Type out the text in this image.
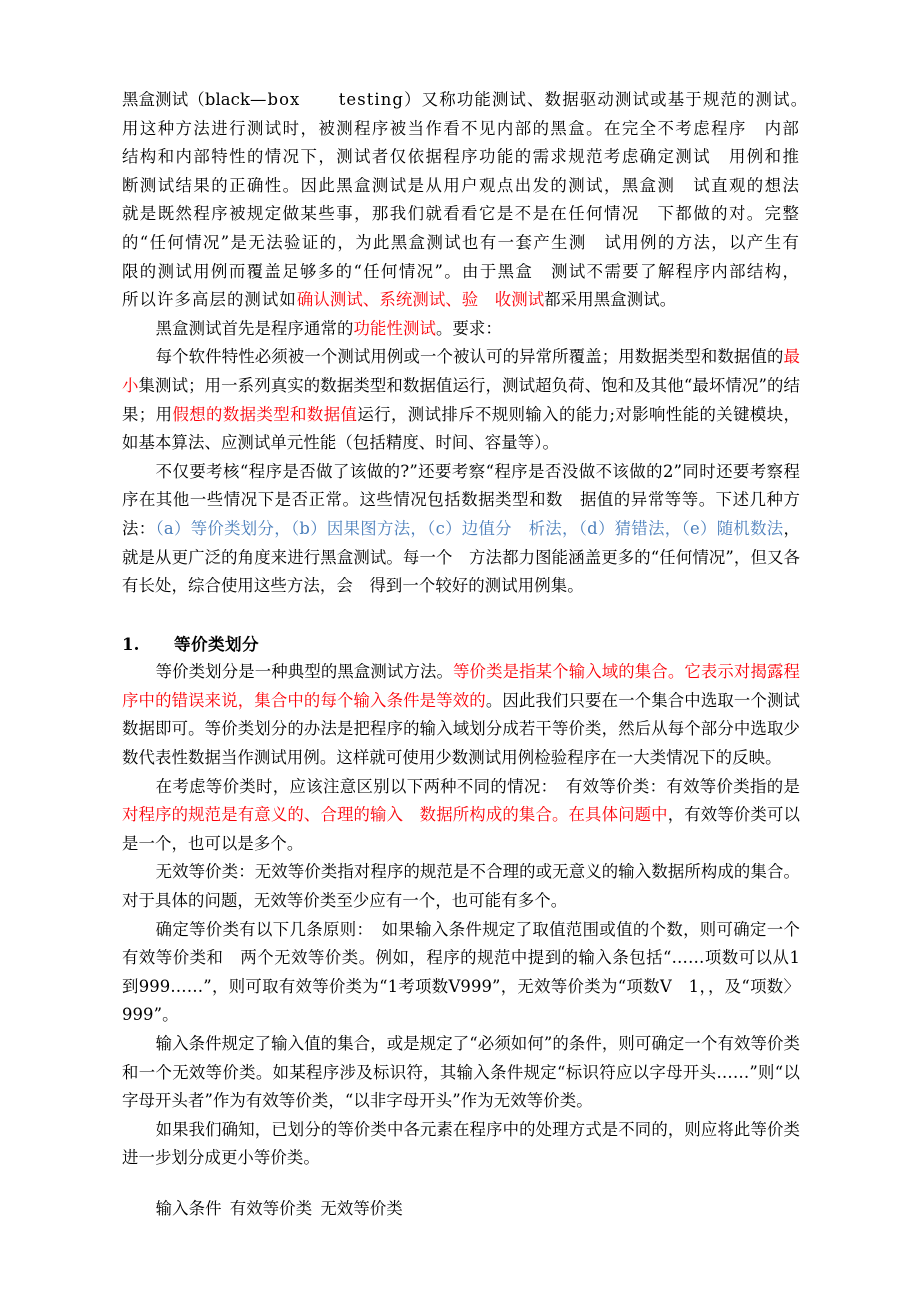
黑盒测试（black—box testing）又称功能测试、数据驱动测试或基于规范的测试。　用这种方法进行测试时，被测程序被当作看不见内部的黑盒。在完全不考虑程序　内部结构和内部特性的情况下，测试者仅依据程序功能的需求规范考虑确定测试　用例和推断测试结果的正确性。因此黑盒测试是从用户观点出发的测试，黑盒测　试直观的想法就是既然程序被规定做某些事，那我们就看看它是不是在任何情况　下都做的对。完整的“任何情况”是无法验证的，为此黑盒测试也有一套产生测　试用例的方法，以产生有限的测试用例而覆盖足够多的“任何情况”。由于黑盒　测试不需要了解程序内部结构，所以许多高层的测试如确认测试、系统测试、验　收测试都采用黑盒测试。

黑盒测试首先是程序通常的功能性测试。要求：

每个软件特性必须被一个测试用例或一个被认可的异常所覆盖；用数据类型和数据值的最小集测试；用一系列真实的数据类型和数据值运行，测试超负荷、饱和及其他“最坏情况”的结果；用假想的数据类型和数据值运行，测试排斥不规则输入的能力;对影响性能的关键模块，如基本算法、应测试单元性能（包括精度、时间、容量等）。

不仅要考核“程序是否做了该做的?”还要考察“程序是否没做不该做的2”同时还要考察程序在其他一些情况下是否正常。这些情况包括数据类型和数　据值的异常等等。下述几种方法：（a）等价类划分，（b）因果图方法，（c）边值分　析法，（d）猜错法，（e）随机数法，就是从更广泛的角度来进行黑盒测试。每一个　方法都力图能涵盖更多的“任何情况”，但又各有长处，综合使用这些方法，会　得到一个较好的测试用例集。

1. 等价类划分

等价类划分是一种典型的黑盒测试方法。等价类是指某个输入域的集合。它表示对揭露程序中的错误来说，集合中的每个输入条件是等效的。因此我们只要在一个集合中选取一个测试数据即可。等价类划分的办法是把程序的输入域划分成若干等价类，然后从每个部分中选取少数代表性数据当作测试用例。这样就可使用少数测试用例检验程序在一大类情况下的反映。

在考虑等价类时，应该注意区别以下两种不同的情况：　有效等价类：有效等价类指的是对程序的规范是有意义的、合理的输入　数据所构成的集合。在具体问题中，有效等价类可以是一个，也可以是多个。

无效等价类：无效等价类指对程序的规范是不合理的或无意义的输入数据所构成的集合。对于具体的问题，无效等价类至少应有一个，也可能有多个。

确定等价类有以下几条原则：　如果输入条件规定了取值范围或值的个数，则可确定一个有效等价类和　两个无效等价类。例如，程序的规范中提到的输入条包括“……项数可以从1　到999……”，则可取有效等价类为“1考项数V999”，无效等价类为“项数V　1，，及“项数〉999”。

输入条件规定了输入值的集合，或是规定了“必须如何”的条件，则可确定一个有效等价类和一个无效等价类。如某程序涉及标识符，其输入条件规定“标识符应以字母开头……”则“以字母开头者”作为有效等价类，“以非字母开头”作为无效等价类。

如果我们确知，已划分的等价类中各元素在程序中的处理方式是不同的，则应将此等价类进一步划分成更小等价类。

输入条件 有效等价类 无效等价类
